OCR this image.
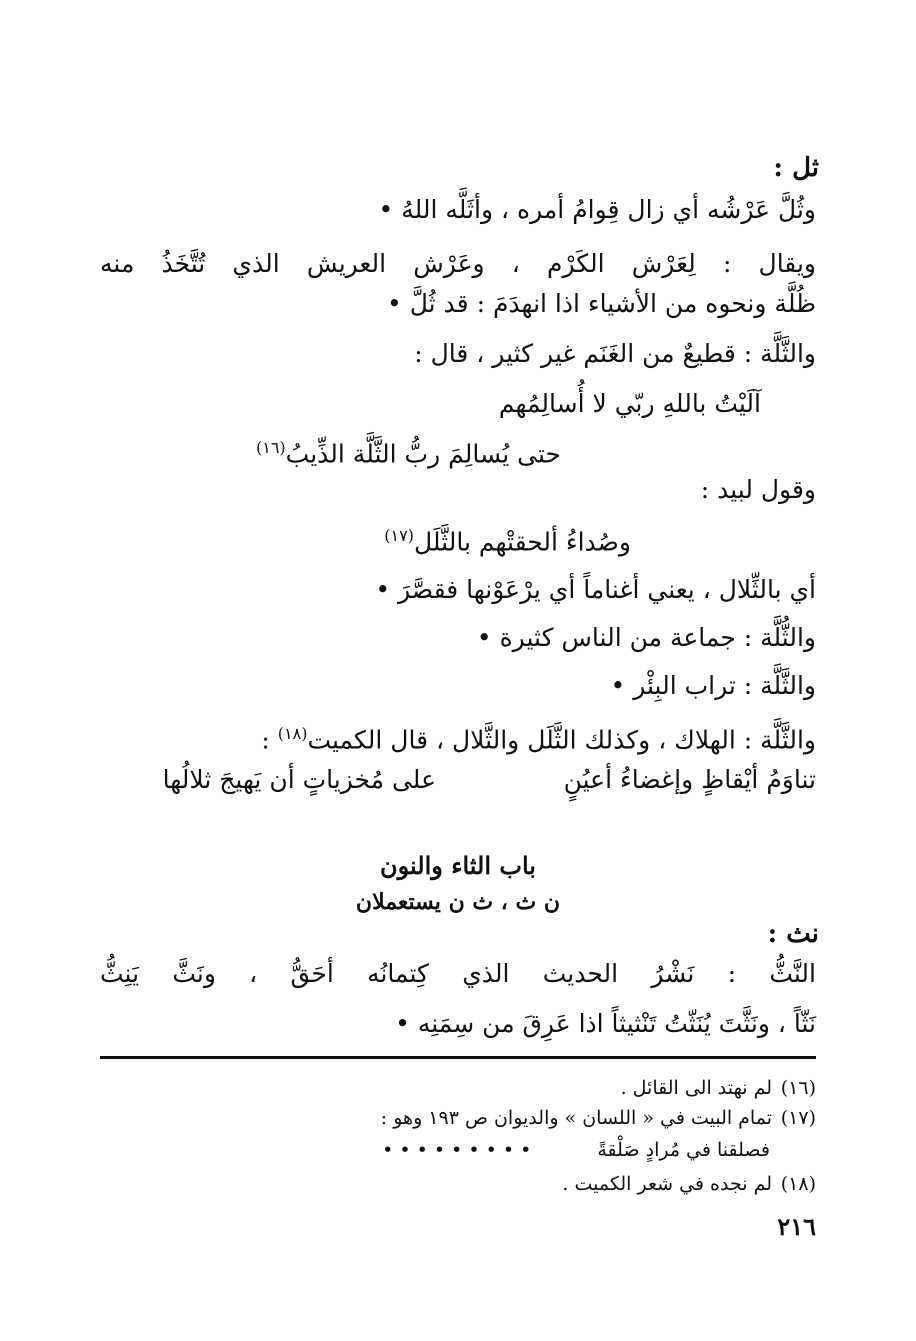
ثل :
وثُلَّ عَرْشُه أي زال قِوامُ أمره ، وأثَلَّه اللهُ •
ويقال : لِعَرْش الكَرْم ، وعَرْش العريش الذي تُتَّخَذُ منه
ظُلَّة ونحوه من الأشياء اذا انهدَمَ : قد ثُلَّ •
والثَّلَّة : قطيعٌ من الغَنَم غير كثير ، قال :
آلَيْتُ باللهِ ربّي لا أُسالِمُهم
حتى يُسالِمَ ربُّ الثَّلَّة الذِّيبُ$^{(١٦)}$
وقول لبيد :
وصُداءُ ألحقتْهم بالثَّلَل$^{(١٧)}$
أي بالثِّلال ، يعني أغناماً أي يرْعَوْنها فقصَّرَ •
والثُّلَّة : جماعة من الناس كثيرة •
والثَّلَّة : تراب البِئْر •
والثَّلَّة : الهلاك ، وكذلك الثَّلَل والثَّلال ، قال الكميت$^{(١٨)}$ :
تناوَمُ أيْقاظٍ وإغضاءُ أعيُنٍ
على مُخزياتٍ أن يَهيجَ ثلالُها
باب الثاء والنون
ن ث ، ث ن يستعملان
نث :
النَّثُّ : نَشْرُ الحديث الذي كِتمانُه أحَقُّ ، ونَثَّ يَنِثُّ
نَثّاً ، ونَثَّتَ يُنَثّتُ تَنْثيثاً اذا عَرِقَ من سِمَنِه •
(١٦)لم نهتد الى القائل .
(١٧)تمام البيت في « اللسان » والديوان ص ١٩٣ وهو :
فصلقنا في مُرادٍ صَلْقةً • • • • • • • • •
(١٨)لم نجده في شعر الكميت .
٢١٦
